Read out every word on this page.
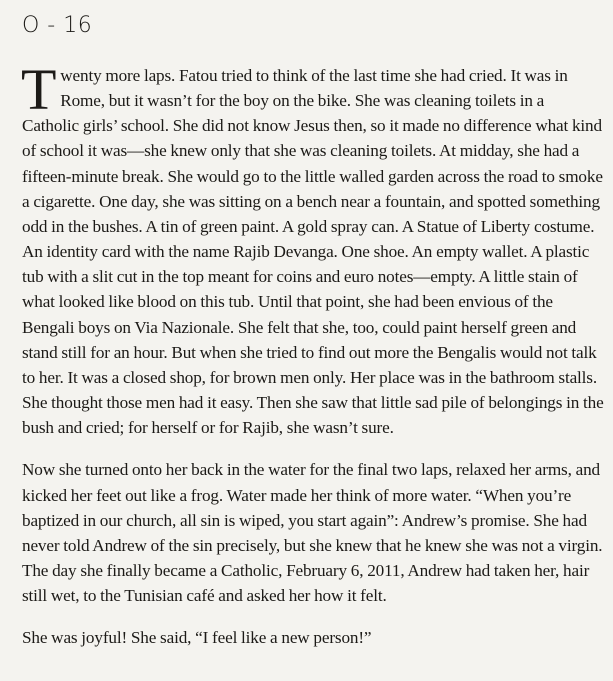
O - 16

Twenty more laps. Fatou tried to think of the last time she had cried. It was in Rome, but it wasn’t for the boy on the bike. She was cleaning toilets in a Catholic girls’ school. She did not know Jesus then, so it made no difference what kind of school it was—she knew only that she was cleaning toilets. At midday, she had a fifteen-minute break. She would go to the little walled garden across the road to smoke a cigarette. One day, she was sitting on a bench near a fountain, and spotted something odd in the bushes. A tin of green paint. A gold spray can. A Statue of Liberty costume. An identity card with the name Rajib Devanga. One shoe. An empty wallet. A plastic tub with a slit cut in the top meant for coins and euro notes—empty. A little stain of what looked like blood on this tub. Until that point, she had been envious of the Bengali boys on Via Nazionale. She felt that she, too, could paint herself green and stand still for an hour. But when she tried to find out more the Bengalis would not talk to her. It was a closed shop, for brown men only. Her place was in the bathroom stalls. She thought those men had it easy. Then she saw that little sad pile of belongings in the bush and cried; for herself or for Rajib, she wasn’t sure.

Now she turned onto her back in the water for the final two laps, relaxed her arms, and kicked her feet out like a frog. Water made her think of more water. “When you’re baptized in our church, all sin is wiped, you start again”: Andrew’s promise. She had never told Andrew of the sin precisely, but she knew that he knew she was not a virgin. The day she finally became a Catholic, February 6, 2011, Andrew had taken her, hair still wet, to the Tunisian café and asked her how it felt.

She was joyful! She said, “I feel like a new person!”
